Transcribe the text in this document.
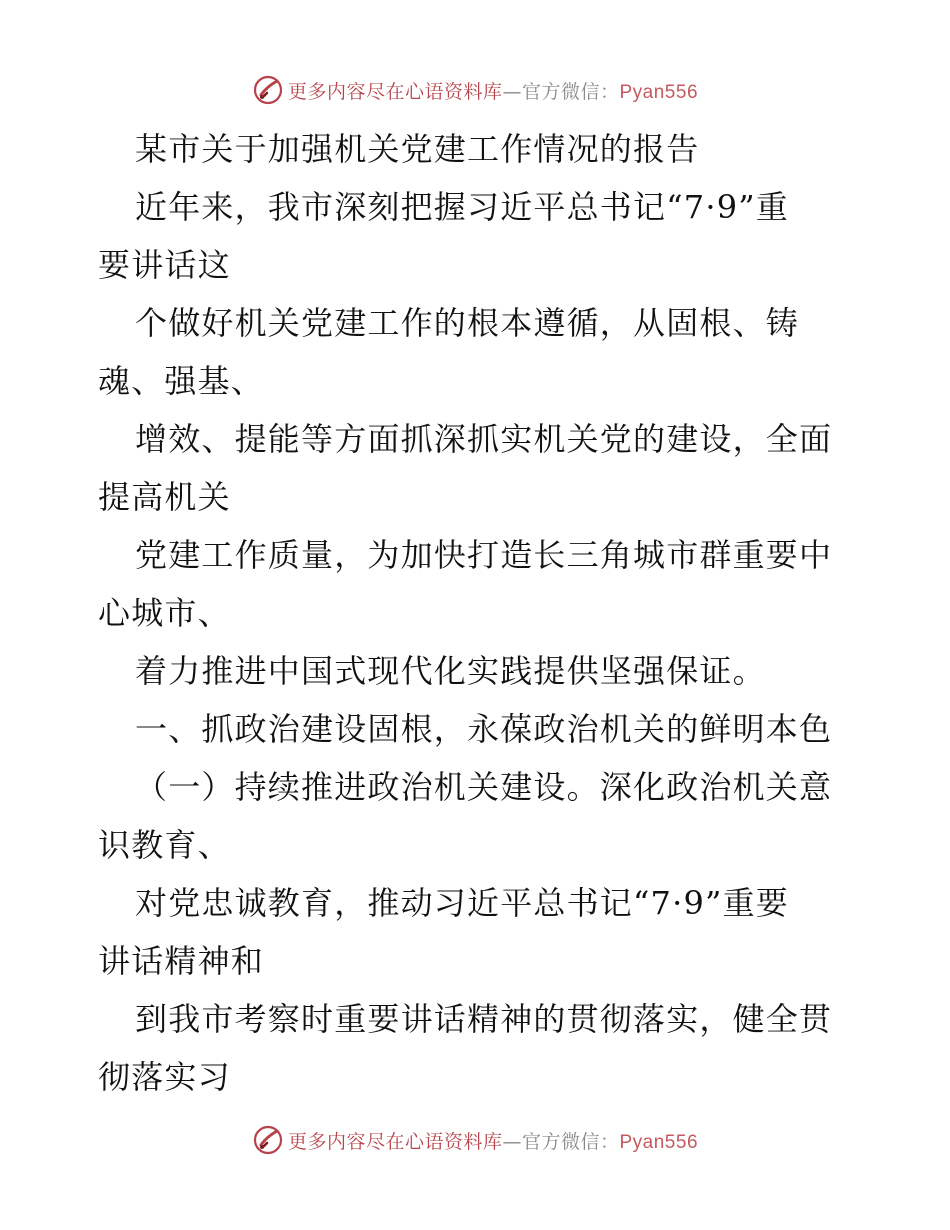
更多内容尽在心语资料库—官方微信：Pyan556
某市关于加强机关党建工作情况的报告
近年来，我市深刻把握习近平总书记“7·9”重
要讲话这
个做好机关党建工作的根本遵循，从固根、铸
魂、强基、
增效、提能等方面抓深抓实机关党的建设，全面
提高机关
党建工作质量，为加快打造长三角城市群重要中
心城市、
着力推进中国式现代化实践提供坚强保证。
一、抓政治建设固根，永葆政治机关的鲜明本色
（一）持续推进政治机关建设。深化政治机关意
识教育、
对党忠诚教育，推动习近平总书记“7·9”重要
讲话精神和
到我市考察时重要讲话精神的贯彻落实，健全贯
彻落实习
更多内容尽在心语资料库—官方微信：Pyan556
